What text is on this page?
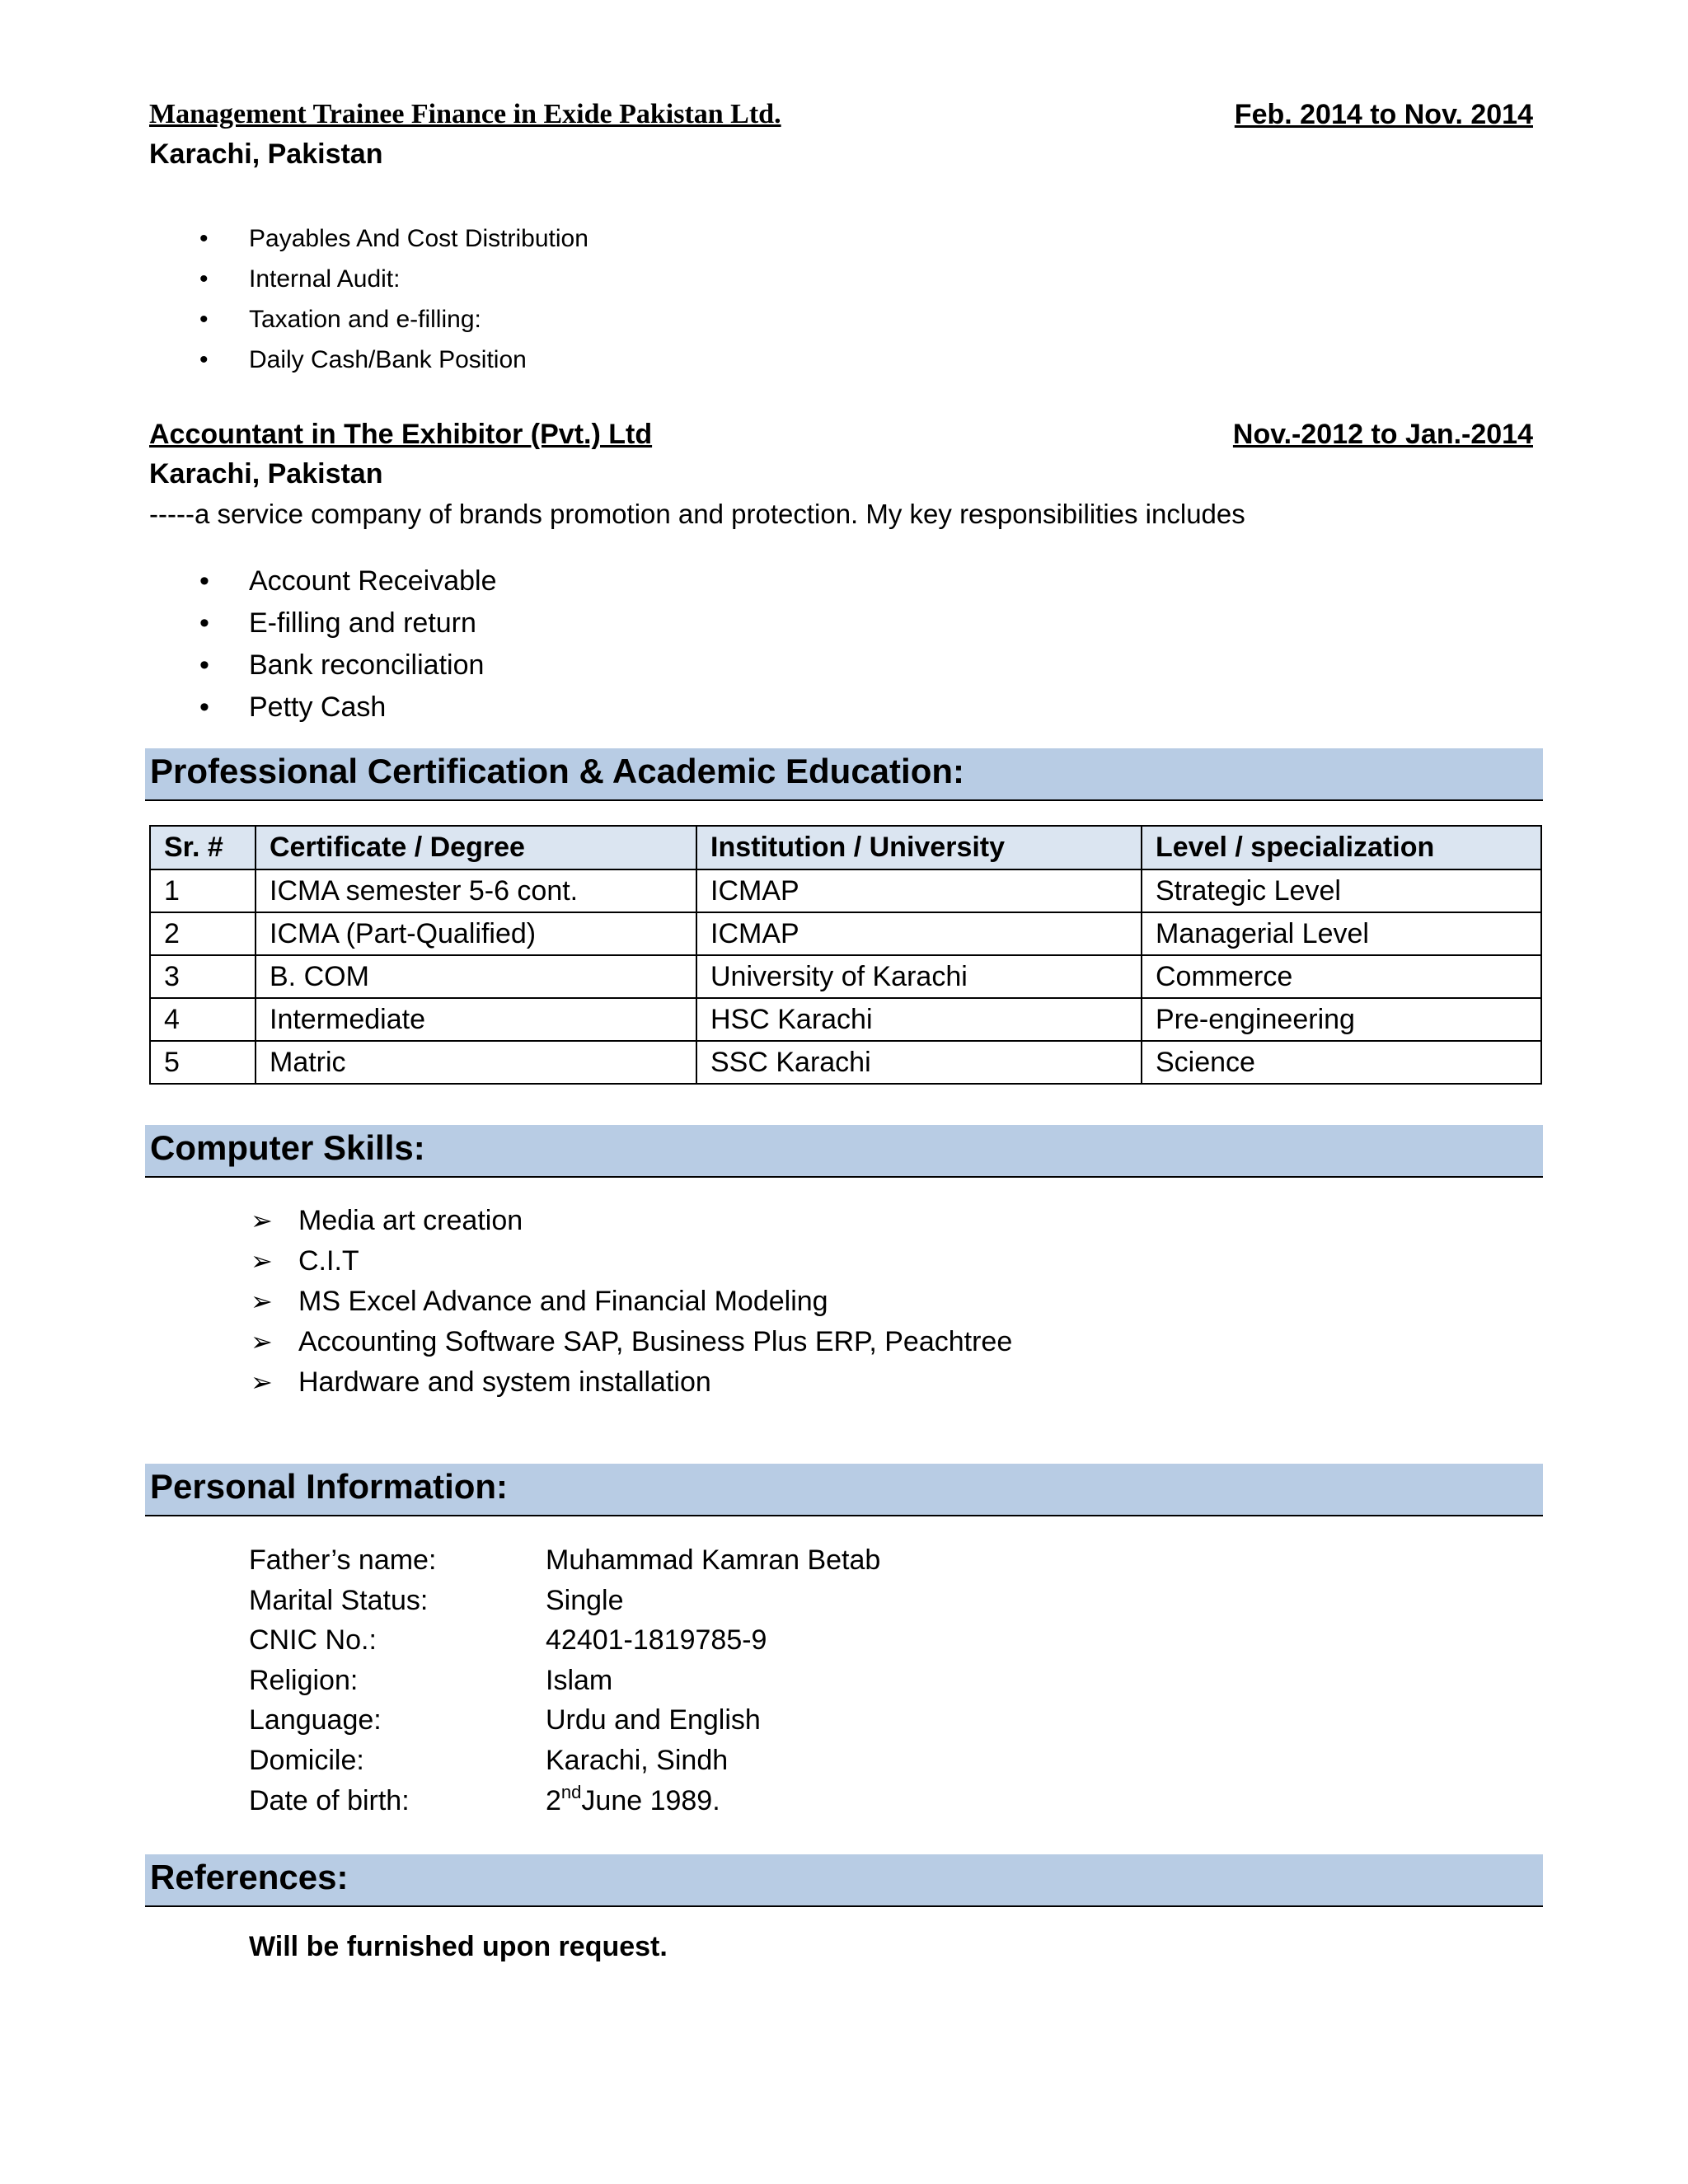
Management Trainee Finance in Exide Pakistan Ltd.	Feb. 2014 to Nov. 2014
Karachi, Pakistan
• Payables And Cost Distribution
• Internal Audit:
• Taxation and e-filling:
• Daily Cash/Bank Position
Accountant in The Exhibitor (Pvt.) Ltd	Nov.-2012 to Jan.-2014
Karachi, Pakistan
-----a service company of brands promotion and protection. My key responsibilities includes
• Account Receivable
• E-filling and return
• Bank reconciliation
• Petty Cash
Professional Certification & Academic Education:
Sr. #	Certificate / Degree	Institution / University	Level / specialization
1	ICMA semester 5-6 cont.	ICMAP	Strategic Level
2	ICMA (Part-Qualified)	ICMAP	Managerial Level
3	B. COM	University of Karachi	Commerce
4	Intermediate	HSC Karachi	Pre-engineering
5	Matric	SSC Karachi	Science
Computer Skills:
➢ Media art creation
➢ C.I.T
➢ MS Excel Advance and Financial Modeling
➢ Accounting Software SAP, Business Plus ERP, Peachtree
➢ Hardware and system installation
Personal Information:
Father’s name:	Muhammad Kamran Betab
Marital Status:	Single
CNIC No.:	42401-1819785-9
Religion:	Islam
Language:	Urdu and English
Domicile:	Karachi, Sindh
Date of birth:	2ndJune 1989.
References:
Will be furnished upon request.
